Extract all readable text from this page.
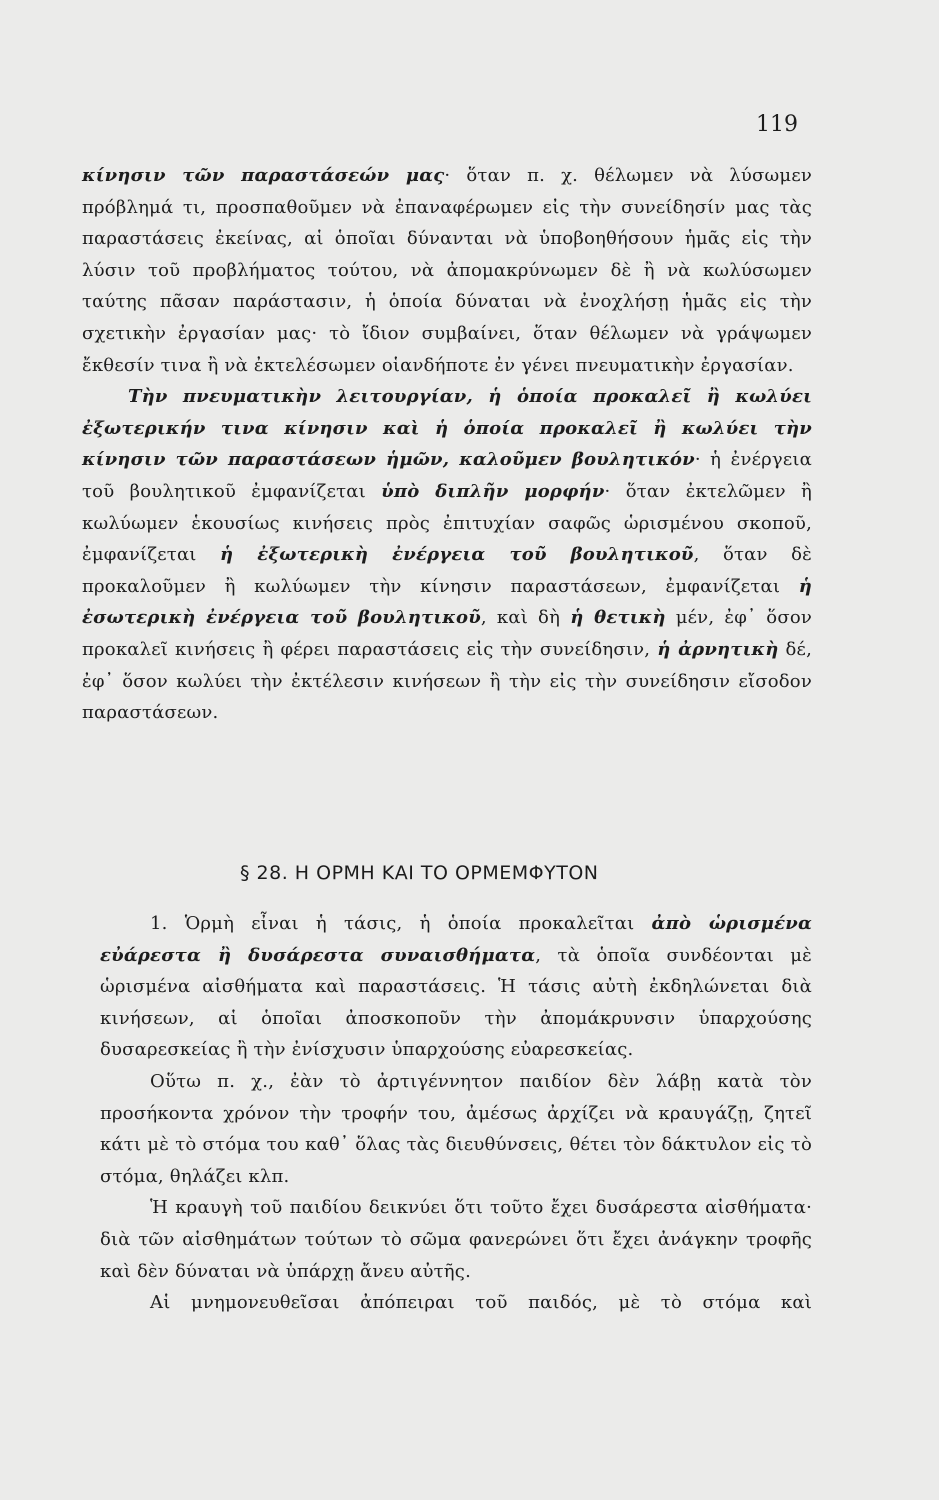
119

κίνησιν τῶν παραστάσεών μας· ὅταν π. χ. θέλωμεν νὰ λύσωμεν πρόβλημά τι, προσπαθοῦμεν νὰ ἐπαναφέρωμεν εἰς τὴν συνείδησίν μας τὰς παραστάσεις ἐκείνας, αἱ ὁποῖαι δύνανται νὰ ὑποβοηθήσουν ἡμᾶς εἰς τὴν λύσιν τοῦ προβλήματος τούτου, νὰ ἀπομακρύνωμεν δὲ ἢ νὰ κωλύσωμεν ταύτης πᾶσαν παράστασιν, ἡ ὁποία δύναται νὰ ἐνοχλήσῃ ἡμᾶς εἰς τὴν σχετικὴν ἐργασίαν μας· τὸ ἴδιον συμβαίνει, ὅταν θέλωμεν νὰ γράψωμεν ἔκθεσίν τινα ἢ νὰ ἐκτελέσωμεν οἱανδήποτε ἐν γένει πνευματικὴν ἐργασίαν.

Τὴν πνευματικὴν λειτουργίαν, ἡ ὁποία προκαλεῖ ἢ κωλύει ἐξωτερικήν τινα κίνησιν καὶ ἡ ὁποία προκαλεῖ ἢ κωλύει τὴν κίνησιν τῶν παραστάσεων ἡμῶν, καλοῦμεν βουλητικόν· ἡ ἐνέργεια τοῦ βουλητικοῦ ἐμφανίζεται ὑπὸ διπλῆν μορφήν· ὅταν ἐκτελῶμεν ἢ κωλύωμεν ἑκουσίως κινήσεις πρὸς ἐπιτυχίαν σαφῶς ὡρισμένου σκοποῦ, ἐμφανίζεται ἡ ἐξωτερικὴ ἐνέργεια τοῦ βουλητικοῦ, ὅταν δὲ προκαλοῦμεν ἢ κωλύωμεν τὴν κίνησιν παραστάσεων, ἐμφανίζεται ἡ ἐσωτερικὴ ἐνέργεια τοῦ βουλητικοῦ, καὶ δὴ ἡ θετικὴ μέν, ἐφ᾿ ὅσον προκαλεῖ κινήσεις ἢ φέρει παραστάσεις εἰς τὴν συνείδησιν, ἡ ἀρνητικὴ δέ, ἐφ᾿ ὅσον κωλύει τὴν ἐκτέλεσιν κινήσεων ἢ τὴν εἰς τὴν συνείδησιν εἴσοδον παραστάσεων.

§ 28. Η ΟΡΜΗ ΚΑΙ ΤΟ ΟΡΜΕΜΦΥΤΟΝ

1. Ὁρμὴ εἶναι ἡ τάσις, ἡ ὁποία προκαλεῖται ἀπὸ ὡρισμένα εὐάρεστα ἢ δυσάρεστα συναισθήματα, τὰ ὁποῖα συνδέονται μὲ ὡρισμένα αἰσθήματα καὶ παραστάσεις. Ἡ τάσις αὐτὴ ἐκδηλώνεται διὰ κινήσεων, αἱ ὁποῖαι ἀποσκοποῦν τὴν ἀπομάκρυνσιν ὑπαρχούσης δυσαρεσκείας ἢ τὴν ἐνίσχυσιν ὑπαρχούσης εὐαρεσκείας.

Οὕτω π. χ., ἐὰν τὸ ἀρτιγέννητον παιδίον δὲν λάβῃ κατὰ τὸν προσήκοντα χρόνον τὴν τροφήν του, ἀμέσως ἀρχίζει νὰ κραυγάζῃ, ζητεῖ κάτι μὲ τὸ στόμα του καθ᾿ ὅλας τὰς διευθύνσεις, θέτει τὸν δάκτυλον εἰς τὸ στόμα, θηλάζει κλπ.

Ἡ κραυγὴ τοῦ παιδίου δεικνύει ὅτι τοῦτο ἔχει δυσάρεστα αἰσθήματα· διὰ τῶν αἰσθημάτων τούτων τὸ σῶμα φανερώνει ὅτι ἔχει ἀνάγκην τροφῆς καὶ δὲν δύναται νὰ ὑπάρχῃ ἄνευ αὐτῆς.

Αἱ μνημονευθεῖσαι ἀπόπειραι τοῦ παιδός, μὲ τὸ στόμα καὶ
